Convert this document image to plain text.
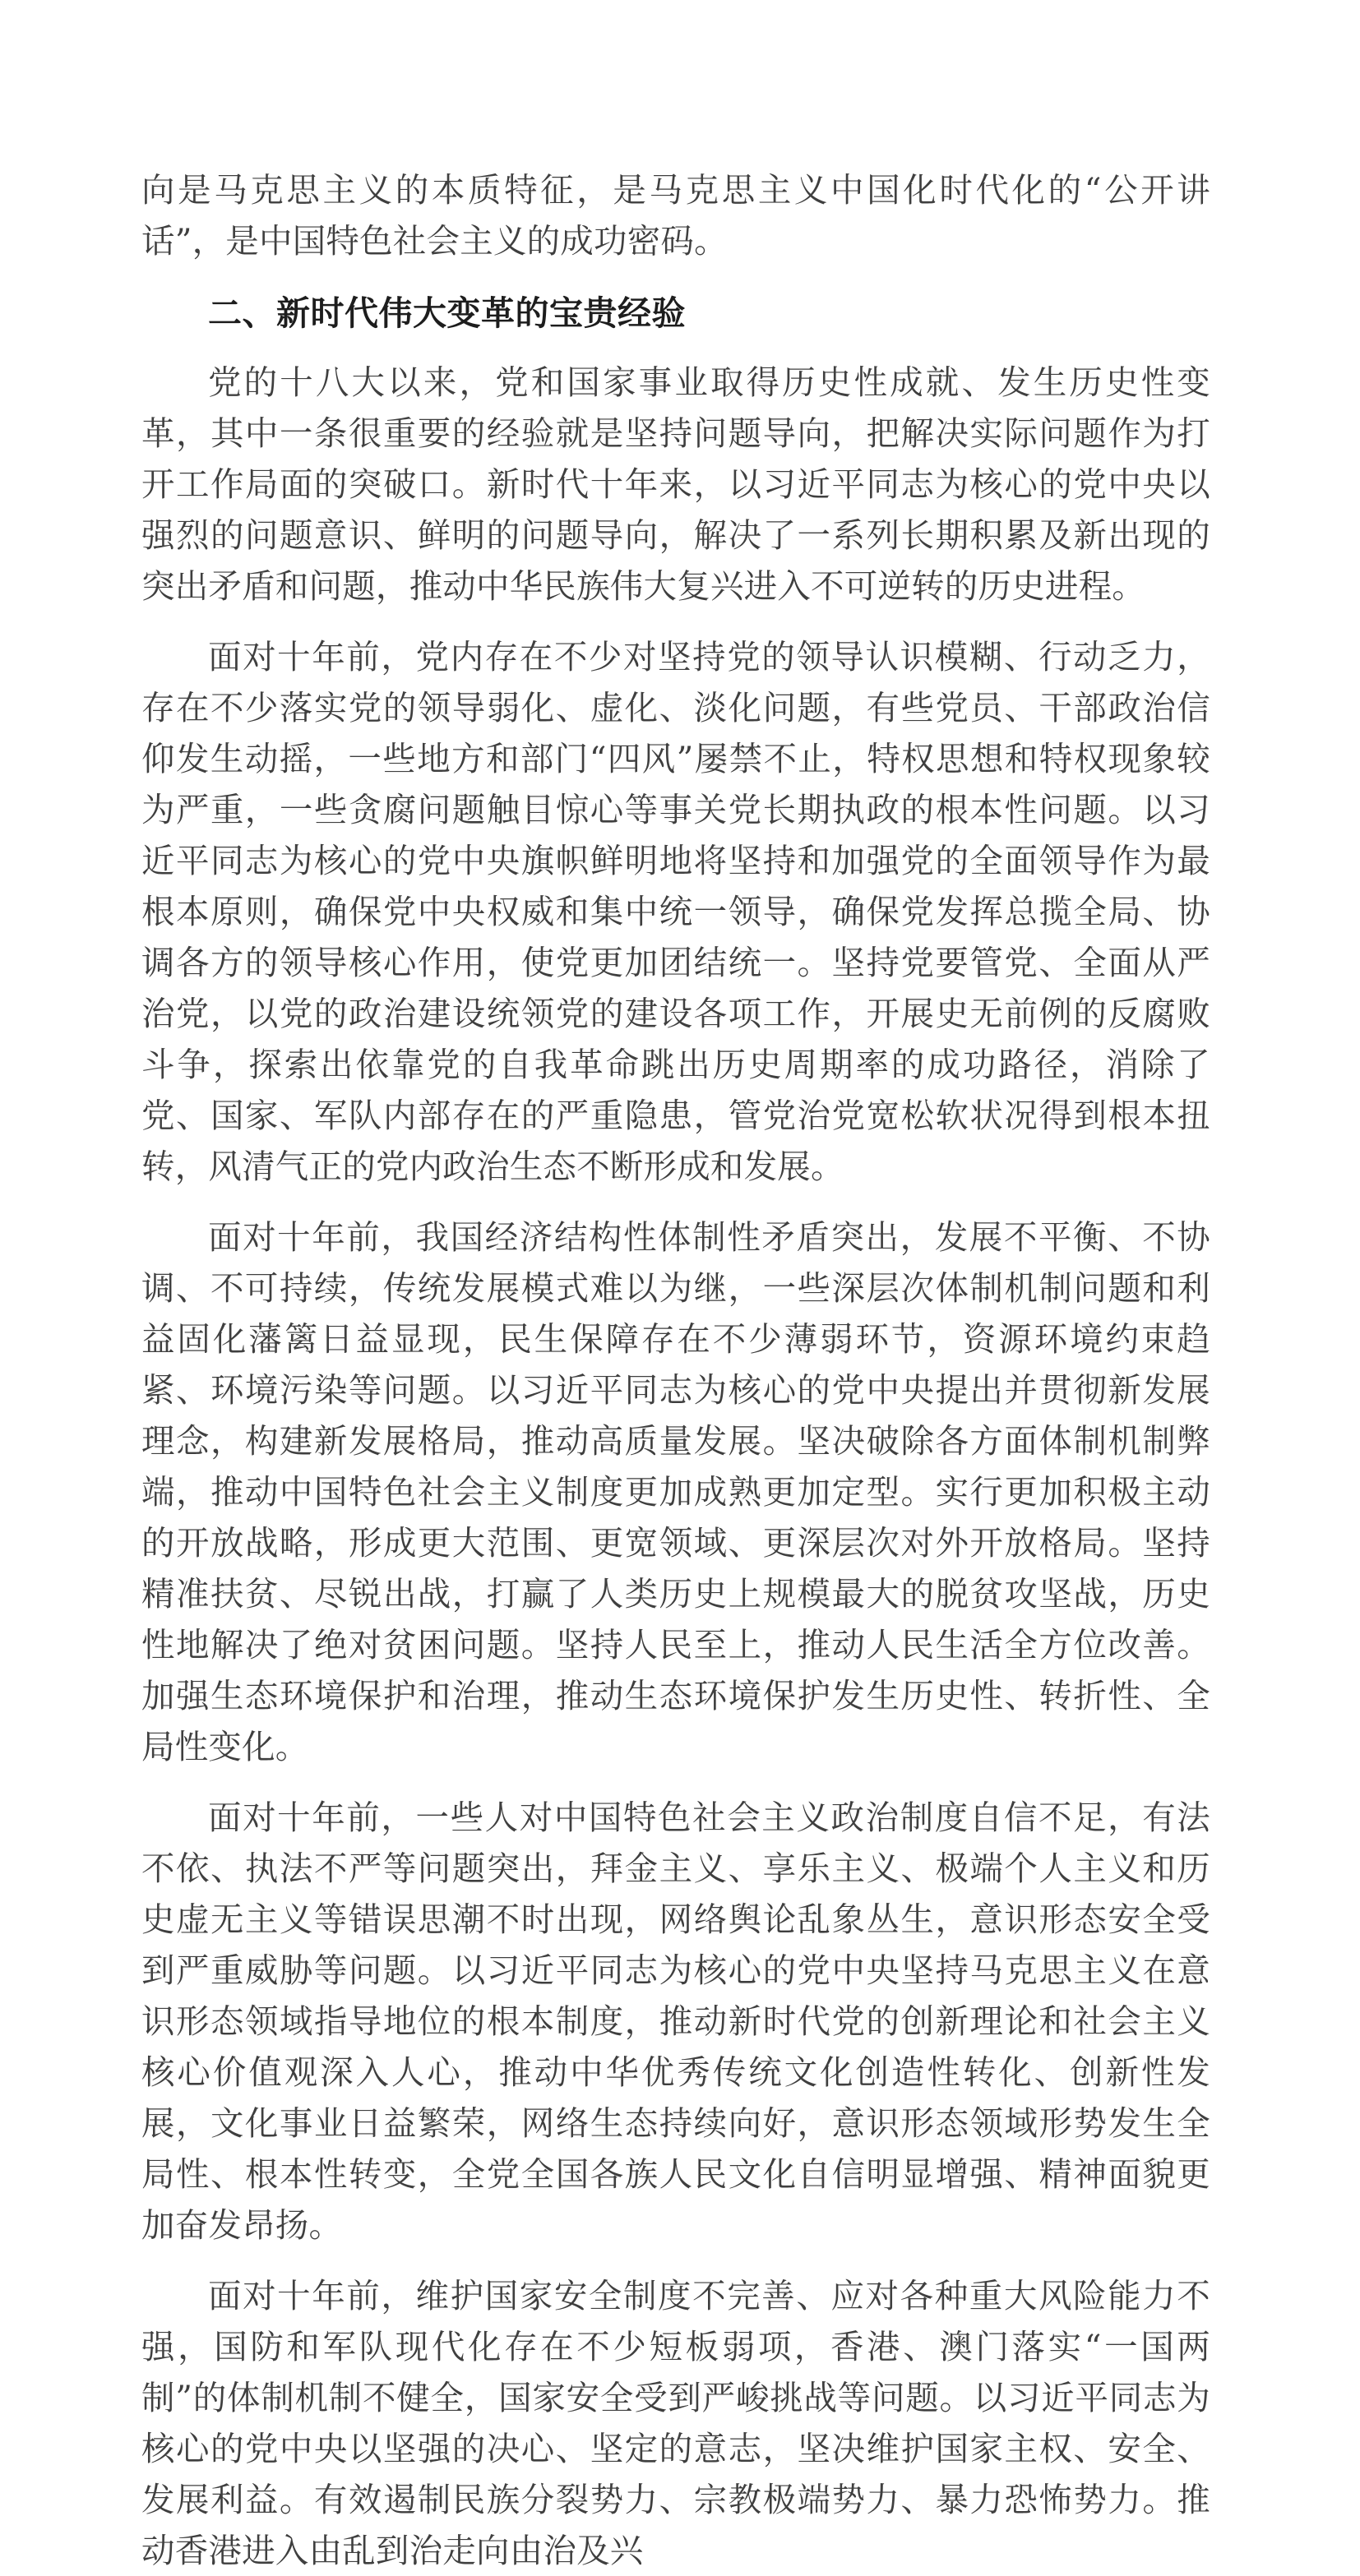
向是马克思主义的本质特征，是马克思主义中国化时代化的“公开讲话”，是中国特色社会主义的成功密码。

二、新时代伟大变革的宝贵经验

党的十八大以来，党和国家事业取得历史性成就、发生历史性变革，其中一条很重要的经验就是坚持问题导向，把解决实际问题作为打开工作局面的突破口。新时代十年来，以习近平同志为核心的党中央以强烈的问题意识、鲜明的问题导向，解决了一系列长期积累及新出现的突出矛盾和问题，推动中华民族伟大复兴进入不可逆转的历史进程。

面对十年前，党内存在不少对坚持党的领导认识模糊、行动乏力，存在不少落实党的领导弱化、虚化、淡化问题，有些党员、干部政治信仰发生动摇，一些地方和部门“四风”屡禁不止，特权思想和特权现象较为严重，一些贪腐问题触目惊心等事关党长期执政的根本性问题。以习近平同志为核心的党中央旗帜鲜明地将坚持和加强党的全面领导作为最根本原则，确保党中央权威和集中统一领导，确保党发挥总揽全局、协调各方的领导核心作用，使党更加团结统一。坚持党要管党、全面从严治党，以党的政治建设统领党的建设各项工作，开展史无前例的反腐败斗争，探索出依靠党的自我革命跳出历史周期率的成功路径，消除了党、国家、军队内部存在的严重隐患，管党治党宽松软状况得到根本扭转，风清气正的党内政治生态不断形成和发展。

面对十年前，我国经济结构性体制性矛盾突出，发展不平衡、不协调、不可持续，传统发展模式难以为继，一些深层次体制机制问题和利益固化藩篱日益显现，民生保障存在不少薄弱环节，资源环境约束趋紧、环境污染等问题。以习近平同志为核心的党中央提出并贯彻新发展理念，构建新发展格局，推动高质量发展。坚决破除各方面体制机制弊端，推动中国特色社会主义制度更加成熟更加定型。实行更加积极主动的开放战略，形成更大范围、更宽领域、更深层次对外开放格局。坚持精准扶贫、尽锐出战，打赢了人类历史上规模最大的脱贫攻坚战，历史性地解决了绝对贫困问题。坚持人民至上，推动人民生活全方位改善。加强生态环境保护和治理，推动生态环境保护发生历史性、转折性、全局性变化。

面对十年前，一些人对中国特色社会主义政治制度自信不足，有法不依、执法不严等问题突出，拜金主义、享乐主义、极端个人主义和历史虚无主义等错误思潮不时出现，网络舆论乱象丛生，意识形态安全受到严重威胁等问题。以习近平同志为核心的党中央坚持马克思主义在意识形态领域指导地位的根本制度，推动新时代党的创新理论和社会主义核心价值观深入人心，推动中华优秀传统文化创造性转化、创新性发展，文化事业日益繁荣，网络生态持续向好，意识形态领域形势发生全局性、根本性转变，全党全国各族人民文化自信明显增强、精神面貌更加奋发昂扬。

面对十年前，维护国家安全制度不完善、应对各种重大风险能力不强，国防和军队现代化存在不少短板弱项，香港、澳门落实“一国两制”的体制机制不健全，国家安全受到严峻挑战等问题。以习近平同志为核心的党中央以坚强的决心、坚定的意志，坚决维护国家主权、安全、发展利益。有效遏制民族分裂势力、宗教极端势力、暴力恐怖势力。推动香港进入由乱到治走向由治及兴
